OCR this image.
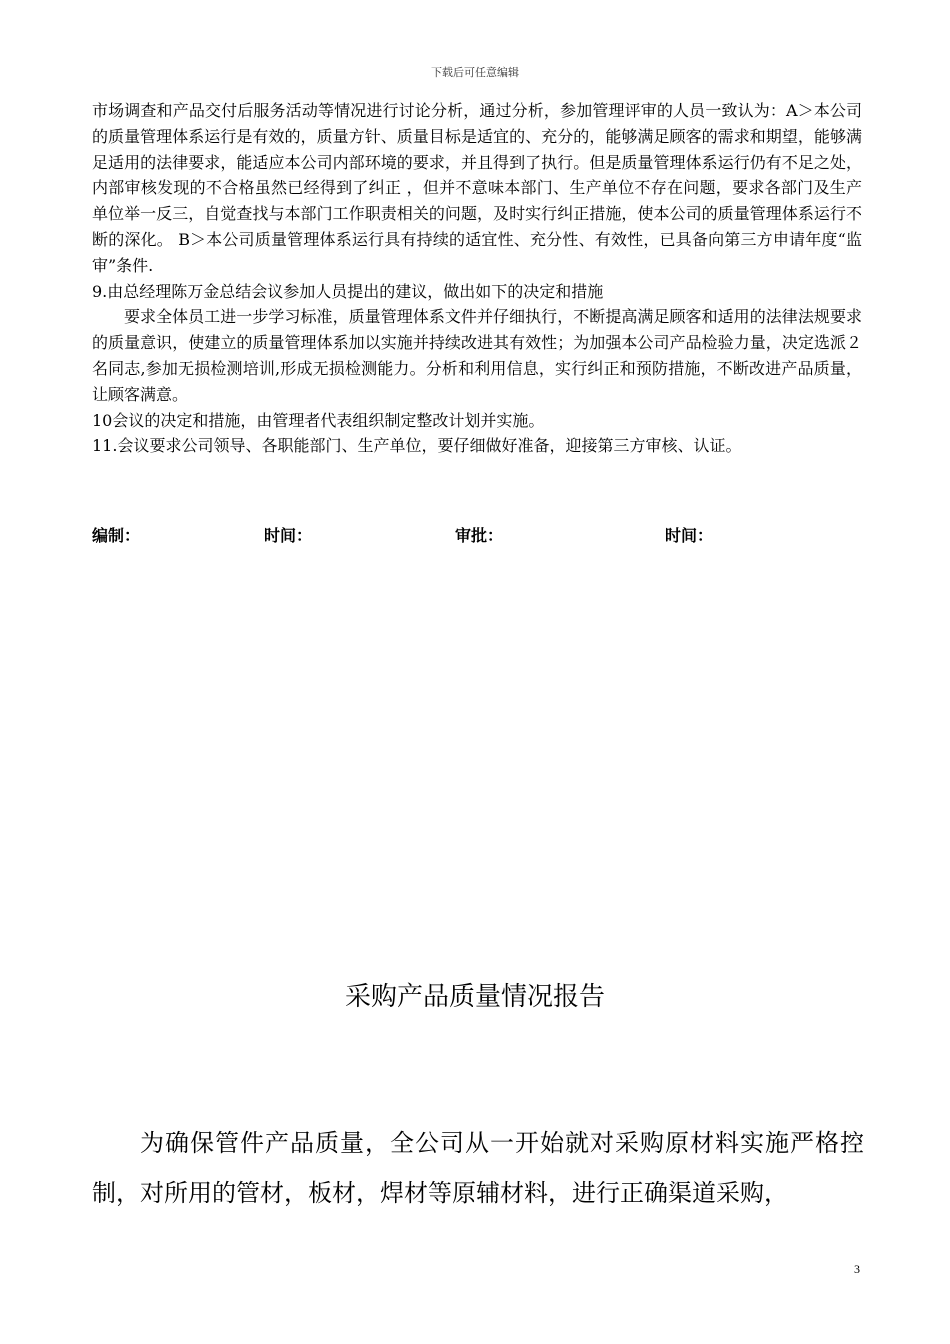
下载后可任意编辑

市场调查和产品交付后服务活动等情况进行讨论分析，通过分析，参加管理评审的人员一致认为：A＞本公司的质量管理体系运行是有效的，质量方针、质量目标是适宜的、充分的，能够满足顾客的需求和期望，能够满足适用的法律要求，能适应本公司内部环境的要求，并且得到了执行。但是质量管理体系运行仍有不足之处，内部审核发现的不合格虽然已经得到了纠正 ，但并不意味本部门、生产单位不存在问题，要求各部门及生产单位举一反三，自觉查找与本部门工作职责相关的问题，及时实行纠正措施，使本公司的质量管理体系运行不断的深化。 B＞本公司质量管理体系运行具有持续的适宜性、充分性、有效性，已具备向第三方申请年度“监审”条件.

9.由总经理陈万金总结会议参加人员提出的建议，做出如下的决定和措施

要求全体员工进一步学习标准，质量管理体系文件并仔细执行，不断提高满足顾客和适用的法律法规要求的质量意识，使建立的质量管理体系加以实施并持续改进其有效性；为加强本公司产品检验力量，决定选派２名同志,参加无损检测培训,形成无损检测能力。分析和利用信息，实行纠正和预防措施，不断改进产品质量，让顾客满意。

10会议的决定和措施，由管理者代表组织制定整改计划并实施。

11.会议要求公司领导、各职能部门、生产单位，要仔细做好准备，迎接第三方审核、认证。

编制：	时间：	审批：	时间：
采购产品质量情况报告

为确保管件产品质量，全公司从一开始就对采购原材料实施严格控制，对所用的管材，板材，焊材等原辅材料，进行正确渠道采购，

3
